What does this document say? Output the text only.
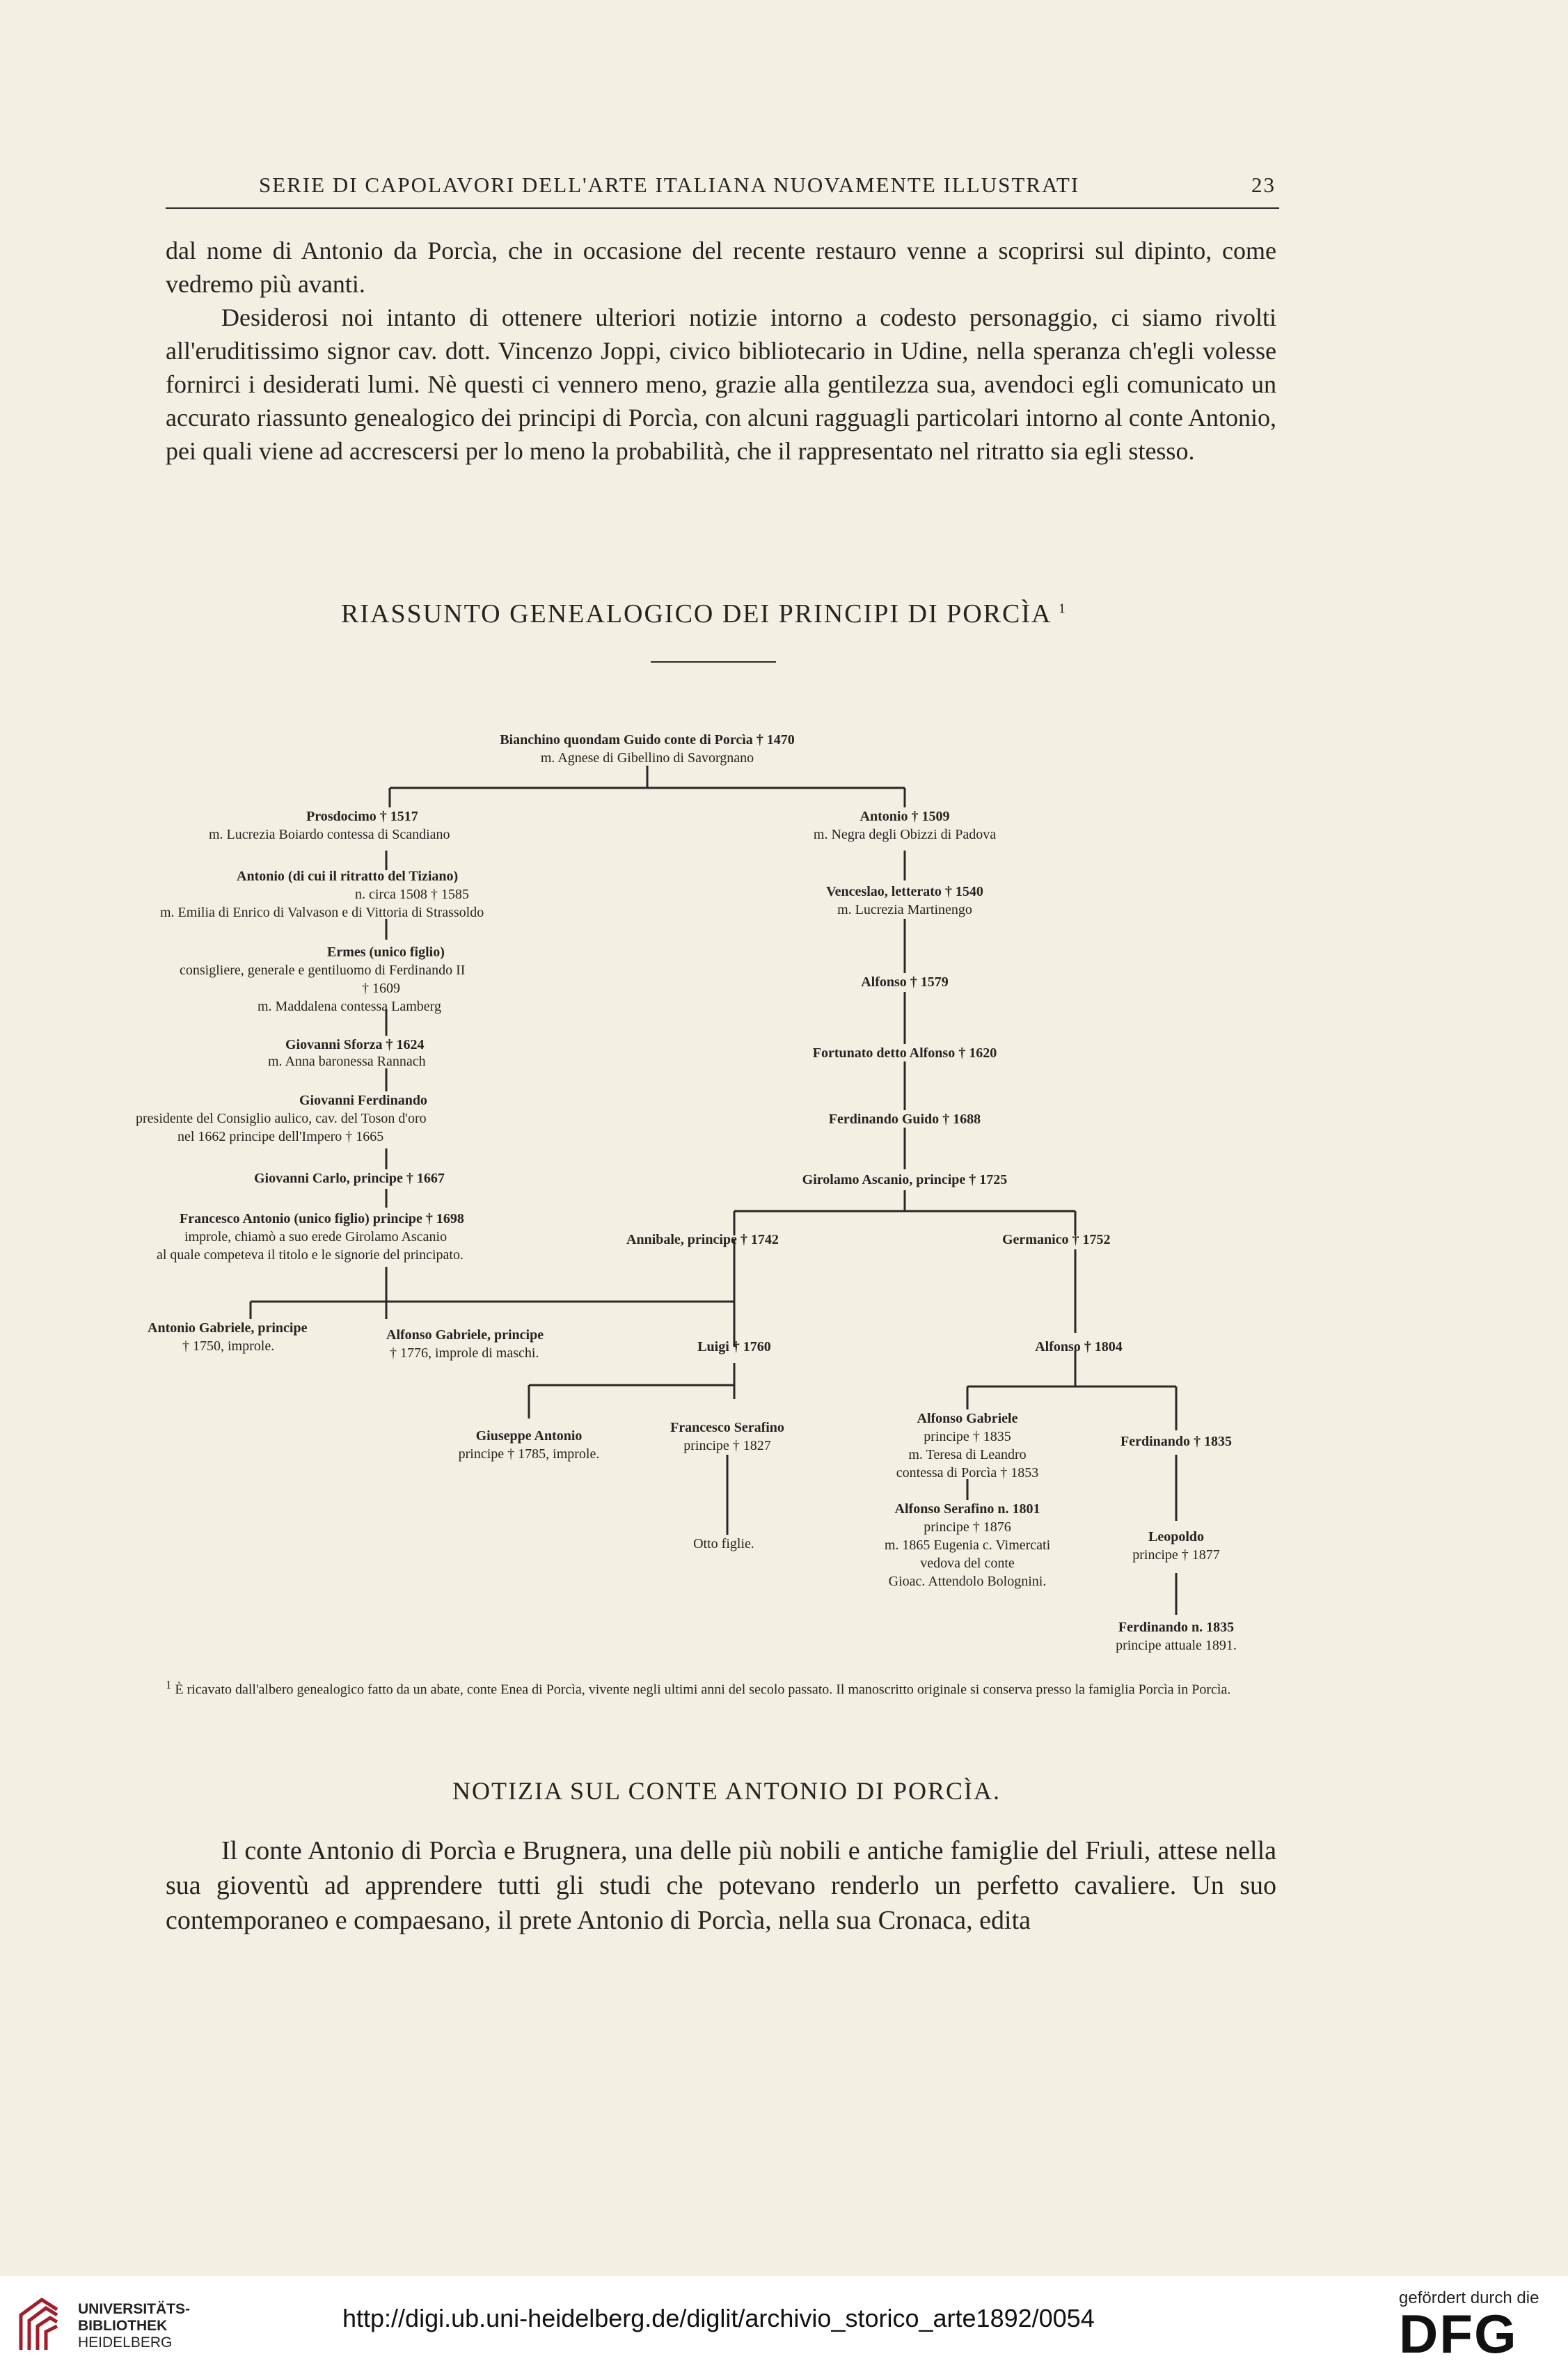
SERIE DI CAPOLAVORI DELL'ARTE ITALIANA NUOVAMENTE ILLUSTRATI	23

dal nome di Antonio da Porcìa, che in occasione del recente restauro venne a scoprirsi sul dipinto, come vedremo più avanti.

Desiderosi noi intanto di ottenere ulteriori notizie intorno a codesto personaggio, ci siamo rivolti all'eruditissimo signor cav. dott. Vincenzo Joppi, civico bibliotecario in Udine, nella speranza ch'egli volesse fornirci i desiderati lumi. Nè questi ci vennero meno, grazie alla gentilezza sua, avendoci egli comunicato un accurato riassunto genealogico dei principi di Porcìa, con alcuni ragguagli particolari intorno al conte Antonio, pei quali viene ad accrescersi per lo meno la probabilità, che il rappresentato nel ritratto sia egli stesso.

RIASSUNTO GENEALOGICO DEI PRINCIPI DI PORCÌA $^1$
Bianchino quondam Guido conte di Porcìa † 1470
m. Agnese di Gibellino di Savorgnano
Prosdocimo † 1517
m. Lucrezia Boiardo contessa di Scandiano
Antonio (di cui il ritratto del Tiziano)
n. circa 1508 † 1585
m. Emilia di Enrico di Valvason e di Vittoria di Strassoldo
Ermes (unico figlio)
consigliere, generale e gentiluomo di Ferdinando II
† 1609
m. Maddalena contessa Lamberg
Giovanni Sforza † 1624
m. Anna baronessa Rannach
Giovanni Ferdinando
presidente del Consiglio aulico, cav. del Toson d'oro
nel 1662 principe dell'Impero † 1665
Giovanni Carlo, principe † 1667
Francesco Antonio (unico figlio) principe † 1698
improle, chiamò a suo erede Girolamo Ascanio
al quale competeva il titolo e le signorie del principato.
Antonio Gabriele, principe
† 1750, improle.
Alfonso Gabriele, principe
† 1776, improle di maschi.
Antonio † 1509
m. Negra degli Obizzi di Padova
Venceslao, letterato † 1540
m. Lucrezia Martinengo
Alfonso † 1579
Fortunato detto Alfonso † 1620
Ferdinando Guido † 1688
Girolamo Ascanio, principe † 1725
Annibale, principe † 1742	Germanico † 1752
Luigi † 1760	Alfonso † 1804
Giuseppe Antonio
principe † 1785, improle.
Francesco Serafino
principe † 1827
Otto figlie.
Alfonso Gabriele
principe † 1835
m. Teresa di Leandro
contessa di Porcìa † 1853
Ferdinando † 1835
Alfonso Serafino n. 1801
principe † 1876
m. 1865 Eugenia c. Vimercati
vedova del conte
Gioac. Attendolo Bolognini.
Leopoldo
principe † 1877
Ferdinando n. 1835
principe attuale 1891.
$^1$ È ricavato dall'albero genealogico fatto da un abate, conte Enea di Porcìa, vivente negli ultimi anni del secolo passato. Il manoscritto originale si conserva presso la famiglia Porcìa in Porcìa.
NOTIZIA SUL CONTE ANTONIO DI PORCÌA.

Il conte Antonio di Porcìa e Brugnera, una delle più nobili e antiche famiglie del Friuli, attese nella sua gioventù ad apprendere tutti gli studi che potevano renderlo un perfetto cavaliere. Un suo contemporaneo e compaesano, il prete Antonio di Porcìa, nella sua Cronaca, edita

UNIVERSITÄTS-
BIBLIOTHEK
HEIDELBERG
http://digi.ub.uni-heidelberg.de/diglit/archivio_storico_arte1892/0054
gefördert durch die
DFG
